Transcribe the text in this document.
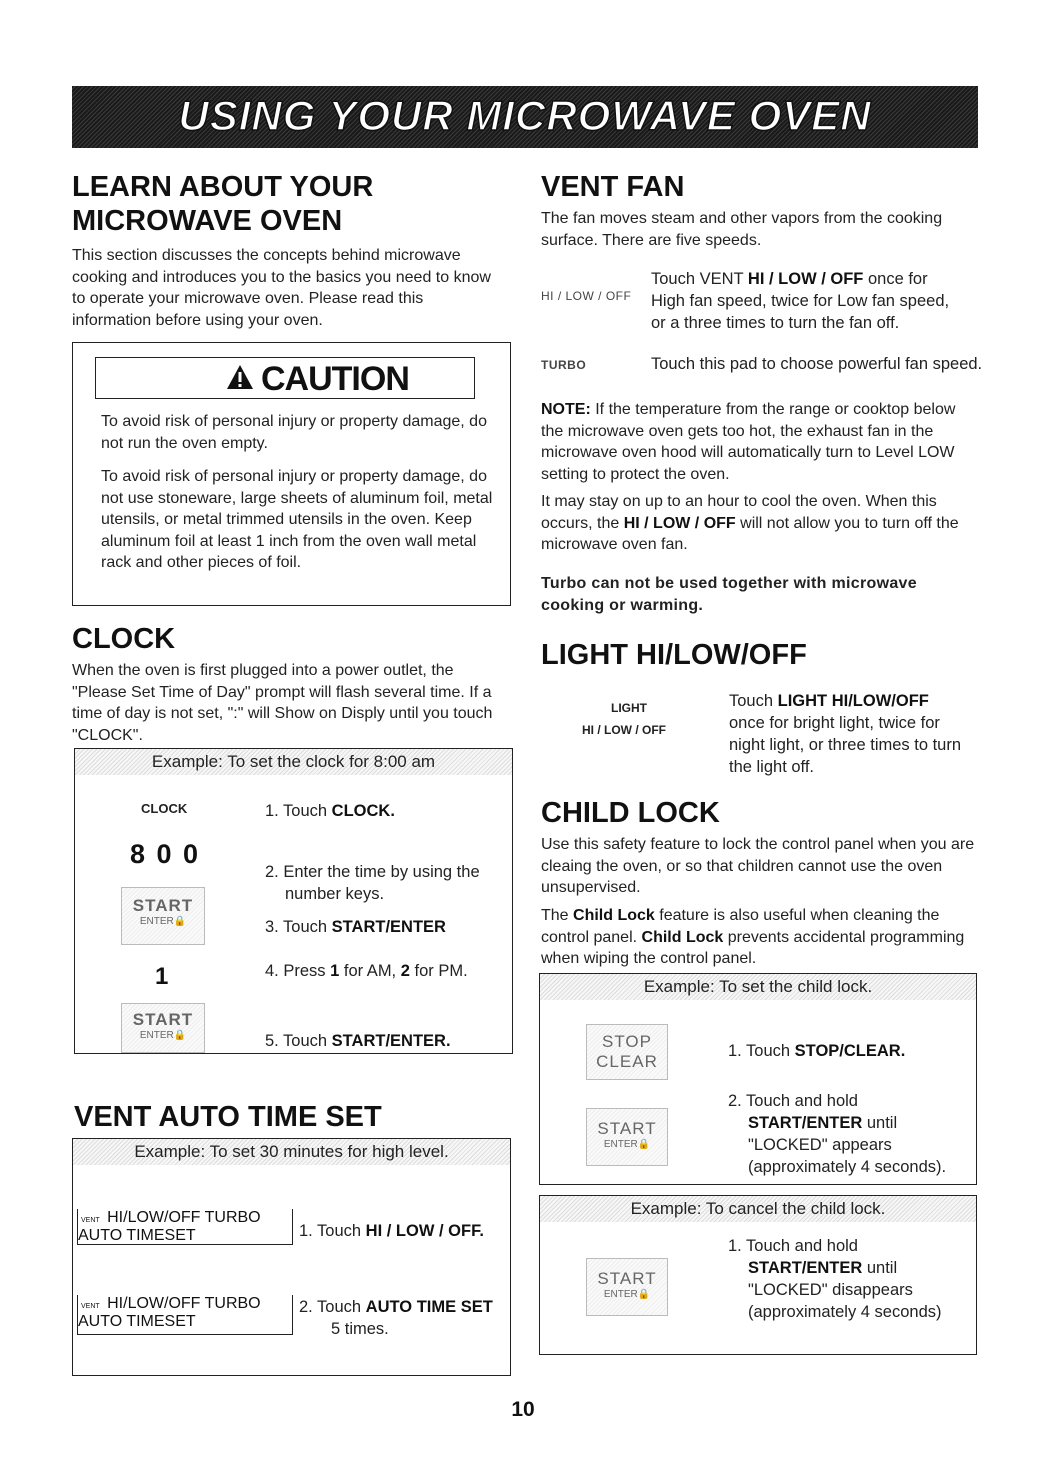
USING YOUR MICROWAVE OVEN
LEARN ABOUT YOUR
MICROWAVE OVEN

This section discusses the concepts behind microwave cooking and introduces you to the basics you need to know to operate your microwave oven. Please read this information before using your oven.

CAUTION

To avoid risk of personal injury or property damage, do not run the oven empty.

To avoid risk of personal injury or property damage, do not use stoneware, large sheets of aluminum foil, metal utensils, or metal trimmed utensils in the oven. Keep aluminum foil at least 1 inch from the oven wall metal rack and other pieces of foil.

CLOCK

When the oven is first plugged into a power outlet, the "Please Set Time of Day" prompt will flash several time. If a time of day is not set, ":" will Show on Disply until you touch "CLOCK".

Example: To set the clock for 8:00 am
CLOCK
8 0 0
START
ENTER🔒
1
START
ENTER🔒
1. Touch CLOCK.
2. Enter the time by using the
number keys.
3. Touch START/ENTER
4. Press 1 for AM, 2 for PM.
5. Touch START/ENTER.
VENT AUTO TIME SET
Example: To set 30 minutes for high level.
VENT HI/LOW/OFF TURBO AUTO TIMESET	1. Touch HI / LOW / OFF.
VENT HI/LOW/OFF TURBO AUTO TIMESET
2. Touch AUTO TIME SET
5 times.
VENT FAN

The fan moves steam and other vapors from the cooking surface. There are five speeds.

HI / LOW / OFF
Touch VENT HI / LOW / OFF once for
High fan speed, twice for Low fan speed,
or a three times to turn the fan off.
TURBO	Touch this pad to choose powerful fan speed.

NOTE: If the temperature from the range or cooktop below the microwave oven gets too hot, the exhaust fan in the microwave oven hood will automatically turn to Level LOW setting to protect the oven.

It may stay on up to an hour to cool the oven. When this occurs, the HI / LOW / OFF will not allow you to turn off the microwave oven fan.

Turbo can not be used together with microwave cooking or warming.

LIGHT HI/LOW/OFF
LIGHT
HI / LOW / OFF
Touch LIGHT HI/LOW/OFF
once for bright light, twice for
night light, or three times to turn
the light off.
CHILD LOCK

Use this safety feature to lock the control panel when you are cleaing the oven, or so that children cannot use the oven unsupervised.

The Child Lock feature is also useful when cleaning the control panel. Child Lock prevents accidental programming when wiping the control panel.

Example: To set the child lock.
STOP
CLEAR
1. Touch STOP/CLEAR.
START
ENTER🔒
2. Touch and hold
START/ENTER until
"LOCKED" appears
(approximately 4 seconds).
Example: To cancel the child lock.
START
ENTER🔒
1. Touch and hold
START/ENTER until
"LOCKED" disappears
(approximately 4 seconds)
10
